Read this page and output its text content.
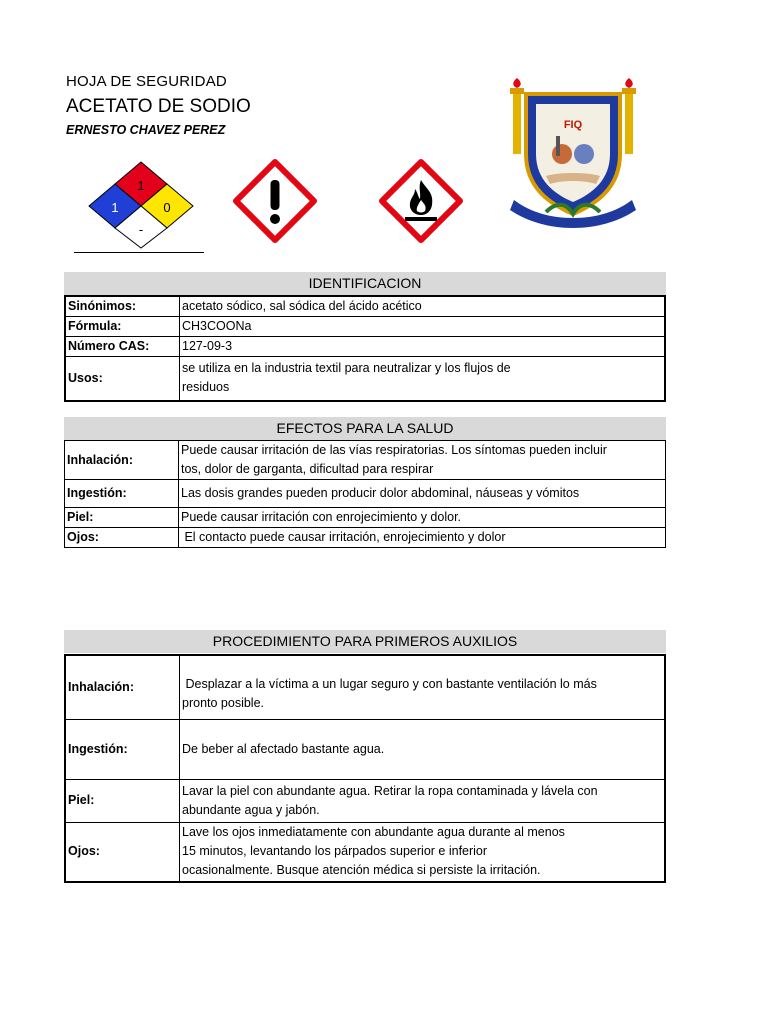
HOJA DE SEGURIDAD
ACETATO DE SODIO
ERNESTO CHAVEZ PEREZ
1
1	0
-
FIQ
IDENTIFICACION
Sinónimos:	acetato sódico, sal sódica del ácido acético
Fórmula:	CH3COONa
Número CAS:	127-09-3
Usos:	se utiliza en la industria textil para neutralizar y los flujos de residuos
EFECTOS PARA LA SALUD
Inhalación:	Puede causar irritación de las vías respiratorias. Los síntomas pueden incluir tos, dolor de garganta, dificultad para respirar
Ingestión:	Las dosis grandes pueden producir dolor abdominal, náuseas y vómitos
Piel:	Puede causar irritación con enrojecimiento y dolor.
Ojos:	El contacto puede causar irritación, enrojecimiento y dolor
PROCEDIMIENTO PARA PRIMEROS AUXILIOS
Inhalación:	Desplazar a la víctima a un lugar seguro y con bastante ventilación lo más pronto posible.
Ingestión:	De beber al afectado bastante agua.
Piel:	Lavar la piel con abundante agua. Retirar la ropa contaminada y lávela con abundante agua y jabón.
Ojos:	Lave los ojos inmediatamente con abundante agua durante al menos 15 minutos, levantando los párpados superior e inferior ocasionalmente. Busque atención médica si persiste la irritación.
